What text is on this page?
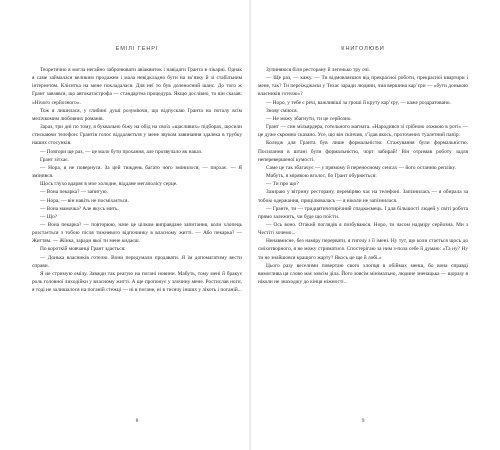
ЕМІЛІ ГЕНРІ

Теоретично я могла негайно забронювати авіаквиток і навідати Гранта в лікарні. Однак я саме займалася великим продажем і мала невідкладно бути на зв’язку й зі стабільним інтернетом. Клієнтка на мене покладалася. Для неї то був доленосний шанс. До того ж Грант завзявся, що автокатастрофа — стандартна процедура. Якщо дослівно, то він сказав: «Нічого серйозного».

Тож я лишилася, у глибині душі розуміючи, що відпускаю Гранта на поталу всім мелічкомим любовних романів.

Зараз, три дні по тому, я буквально біжу на обід на своїх «щасливих» підборах, щосили стискаючи телефон. Грантів голос віддаляєтьтя у мене звуком завинання здалека в трубку наших стосунків.

— Повтори ще раз, — це мало бути прохання, але прозвучало як наказ.

Грант зітхає.

— Нора, я не повернуся. За цей тиждень багато чого змінилося, — пирхає. — Я змінився.

Щось глухо вдаряє в мое холодне, віддане мегаполісу серце.

— Вона пекарка? — запитую.

— Нора, — він навіть не посміхається.

— Вона мамочка? Але якусь мить.

— Що?

— Вона пекарка? — повторюю, наче це цілком виправдане запитання, коли хлопець розстається з тобою після тижневого відпочинку в власному житті. — Або пекарка? — Життям. — Жінка, заради якої ти мене кидаєш.

По короткій мовчанці Грант здається:

— Донька власників готелю. Вони передумали продавати. Я їм допомагатиму вести справи.

Я не стримую емілу. Завжди так реагую на погані новини. Мабуть, тому мені й бракує роль головної лиходійки у власному житті. А ще пропонує у злочину мене. Ростислав ноги, я тоді не залишалося на поганій стежці — ні в погане, ні в тисячу інших у лікоть і поганій...

8
КНИГОЛЮБИ

Зупиняюся біля ресторану й легенько тру очі.

— Ще раз, — кажу. — Ти відмовляєшся від прекрасної роботи, прекрасної квартири і мене, так? Ти переїжджаєш у Техас заради людини, чия вершина кар’єри — «бути донькою власників готелю»?

— Норо, у тебе є речі, важливіші за гроші й круту кар’єру, — каже роздратовано.

Знову сміюся.

— Не можу збагнути, ти це серйозно.

Грант — син мільярдера, готельного магната. «Народився зі срібною ложкою в роті» — це дуже скромно сказано. Усе, що він скінчив, з’їдав якось, проточених туалетний папір.

Коледж для Гранта був лише формальністю. Стажування були формальністю. Посилання в штані були формальністю, чорт забирай! Він отримав роботу задля неперевершеної кумості.

Саме це так збагачує — у прямому й переносному сенсах — його останню репліку.

Мабуть, я мірявою вголос, бо Грант обурюється:

— Ти про що?

Зазираю у вітрину ресторану, переміряю час на телефоні. Запізнилась — я обирала за тобою одержання, прицілювалась — я ніколи не запізнилася.

— Гранте, ти — тридцятичотирічний спадкоємець. І для більшості людей у світі робота прямо залежить, чи буде що поїсти.

— Ось воно. Отакий поглядів я позбуваюся. Норо, ти часом надміру серйозна. Ми з Честіті хочемо...

Ненавмисне, без наміру перервати, я гигочу з її імені. Ну тут, що коли стається щось до сміхотворного, я не можу стриматися. Спостерігаю за ним з-поза себе й думаю: «Та ну? Ну ти не знайшовся кращого жарту? Якось це ще й лобі.»

Цього разу веселими повертаю свого хлопця в обіймах менш, бо вона справді вимоглива ця слово має зовсім діла. Його зовсім мінімально, людине зненацька — щоразу я ніколи не знаходжу до кінця ніжності...

9
